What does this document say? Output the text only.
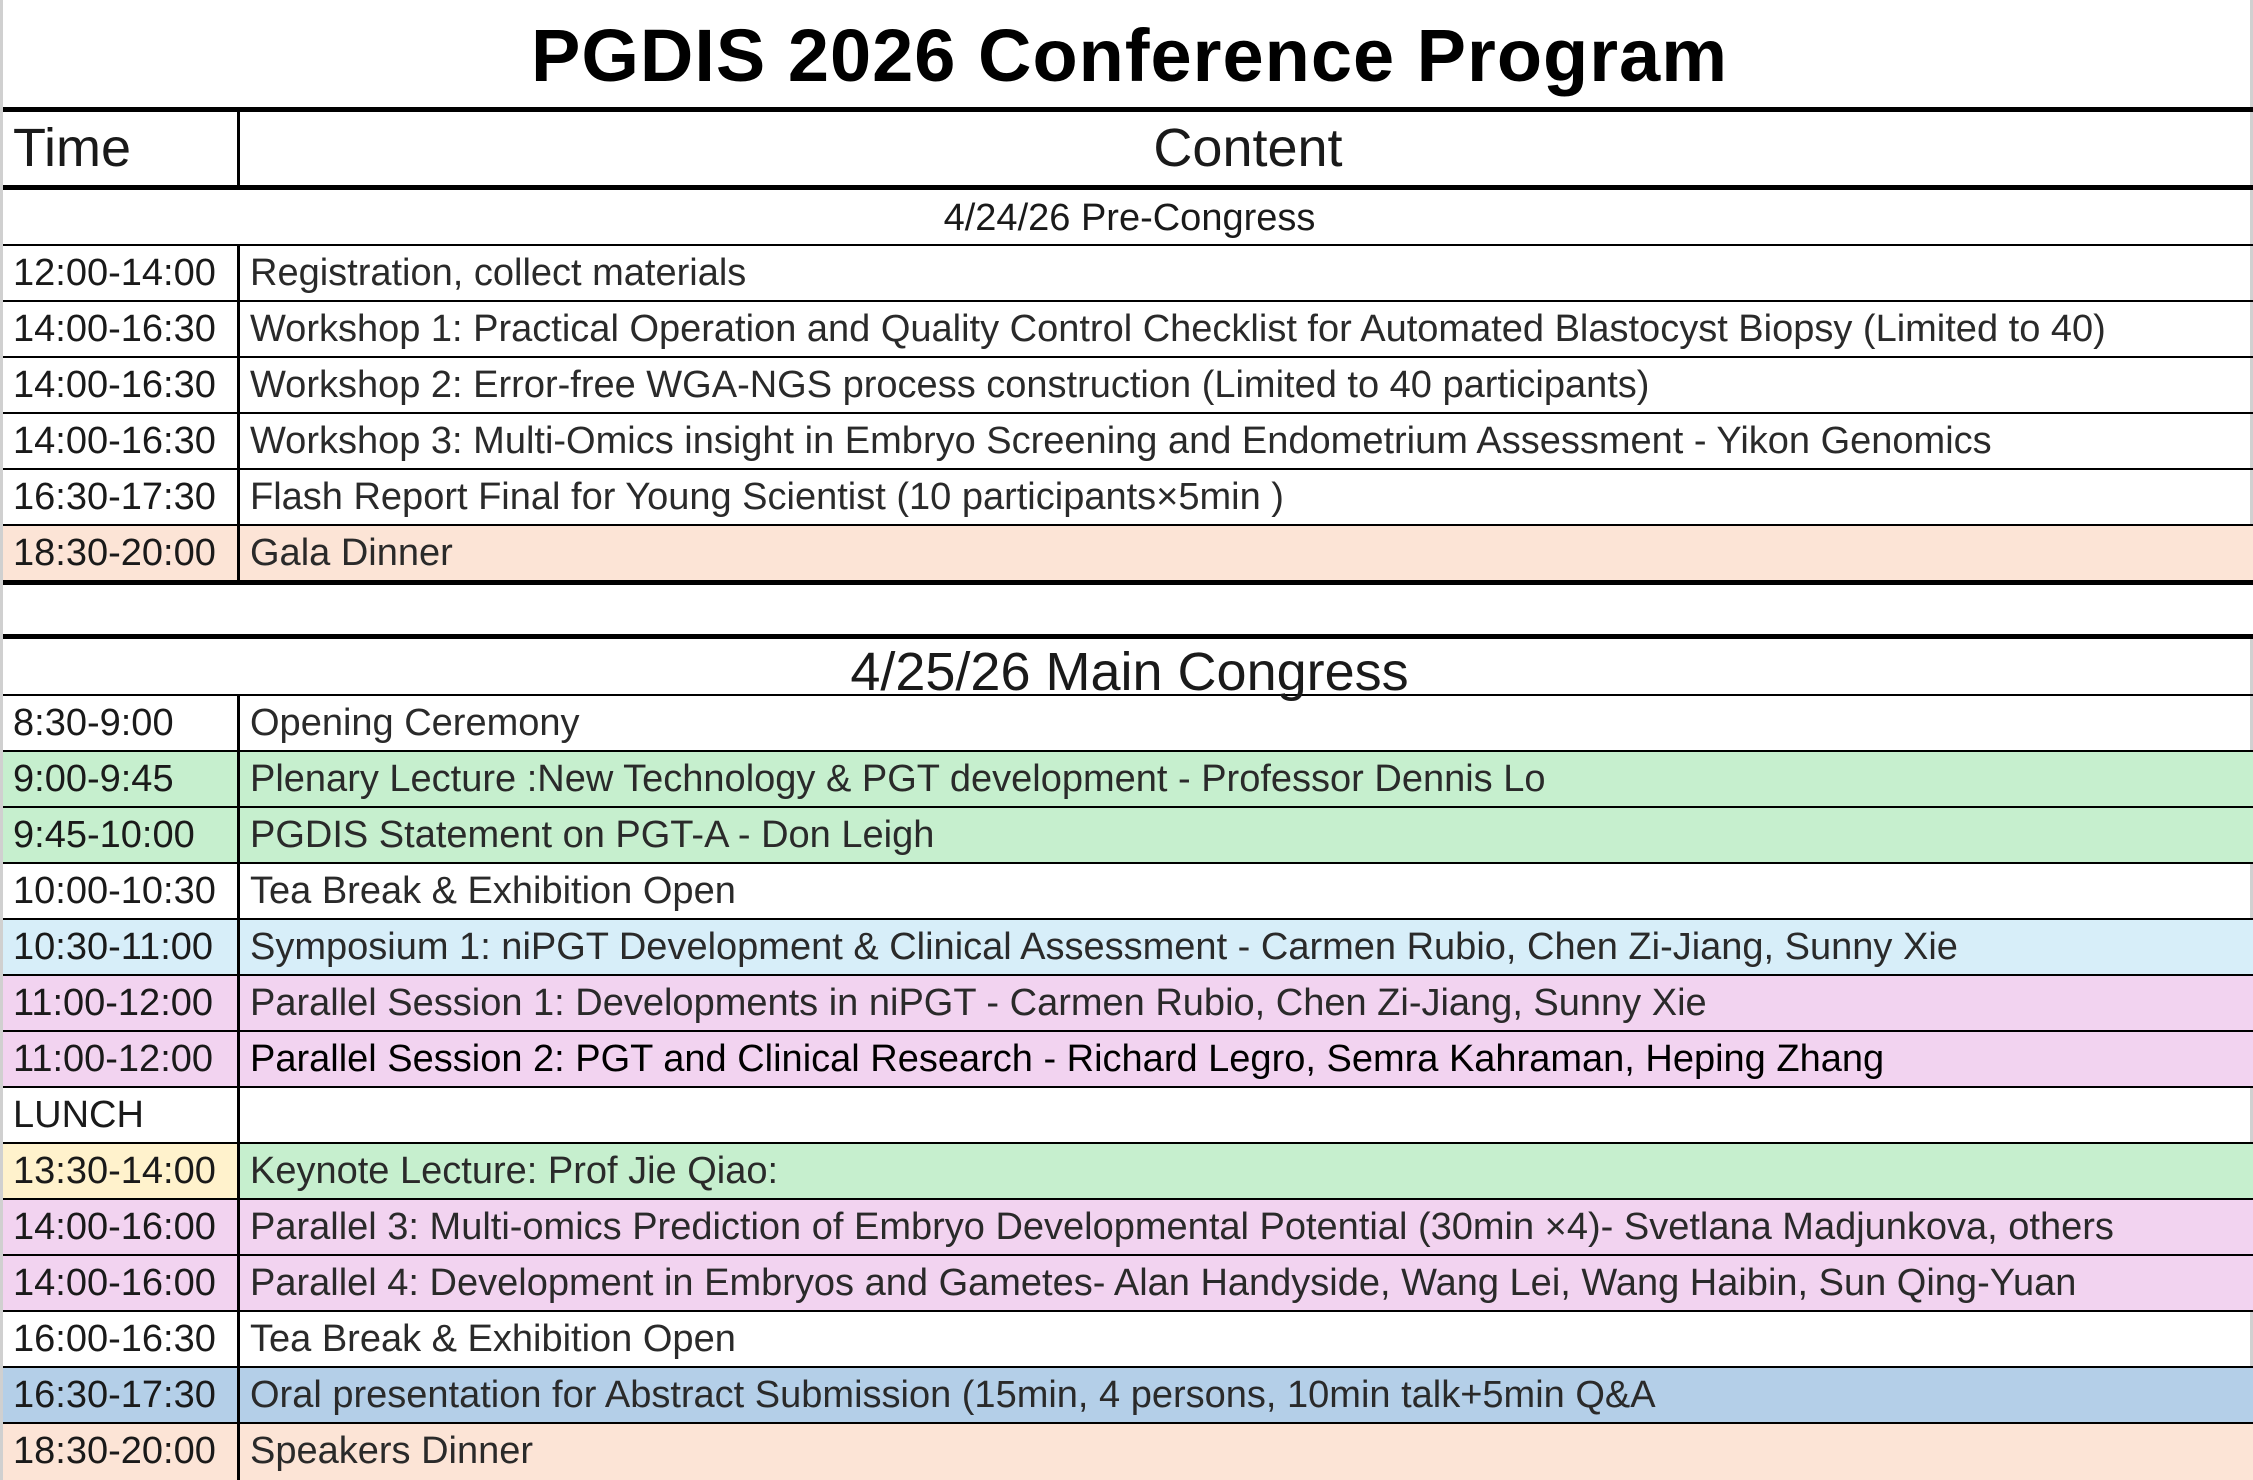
PGDIS 2026 Conference Program
Time	Content
4/24/26 Pre-Congress
12:00-14:00 Registration, collect materials
14:00-16:30 Workshop 1: Practical Operation and Quality Control Checklist for Automated Blastocyst Biopsy (Limited to 40)
14:00-16:30 Workshop 2: Error-free WGA-NGS process construction (Limited to 40 participants)
14:00-16:30 Workshop 3: Multi-Omics insight in Embryo Screening and Endometrium Assessment - Yikon Genomics
16:30-17:30 Flash Report Final for Young Scientist (10 participants×5min )
18:30-20:00 Gala Dinner
4/25/26 Main Congress
8:30-9:00	Opening Ceremony
9:00-9:45	Plenary Lecture :New Technology & PGT development - Professor Dennis Lo
9:45-10:00	PGDIS Statement on PGT-A - Don Leigh
10:00-10:30 Tea Break & Exhibition Open
10:30-11:00 Symposium 1: niPGT Development & Clinical Assessment - Carmen Rubio, Chen Zi-Jiang, Sunny Xie
11:00-12:00 Parallel Session 1: Developments in niPGT - Carmen Rubio, Chen Zi-Jiang, Sunny Xie
11:00-12:00 Parallel Session 2: PGT and Clinical Research - Richard Legro, Semra Kahraman, Heping Zhang
LUNCH
13:30-14:00 Keynote Lecture: Prof Jie Qiao:
14:00-16:00 Parallel 3: Multi-omics Prediction of Embryo Developmental Potential (30min ×4)- Svetlana Madjunkova, others
14:00-16:00 Parallel 4: Development in Embryos and Gametes- Alan Handyside, Wang Lei, Wang Haibin, Sun Qing-Yuan
16:00-16:30 Tea Break & Exhibition Open
16:30-17:30 Oral presentation for Abstract Submission (15min, 4 persons, 10min talk+5min Q&A
18:30-20:00 Speakers Dinner
